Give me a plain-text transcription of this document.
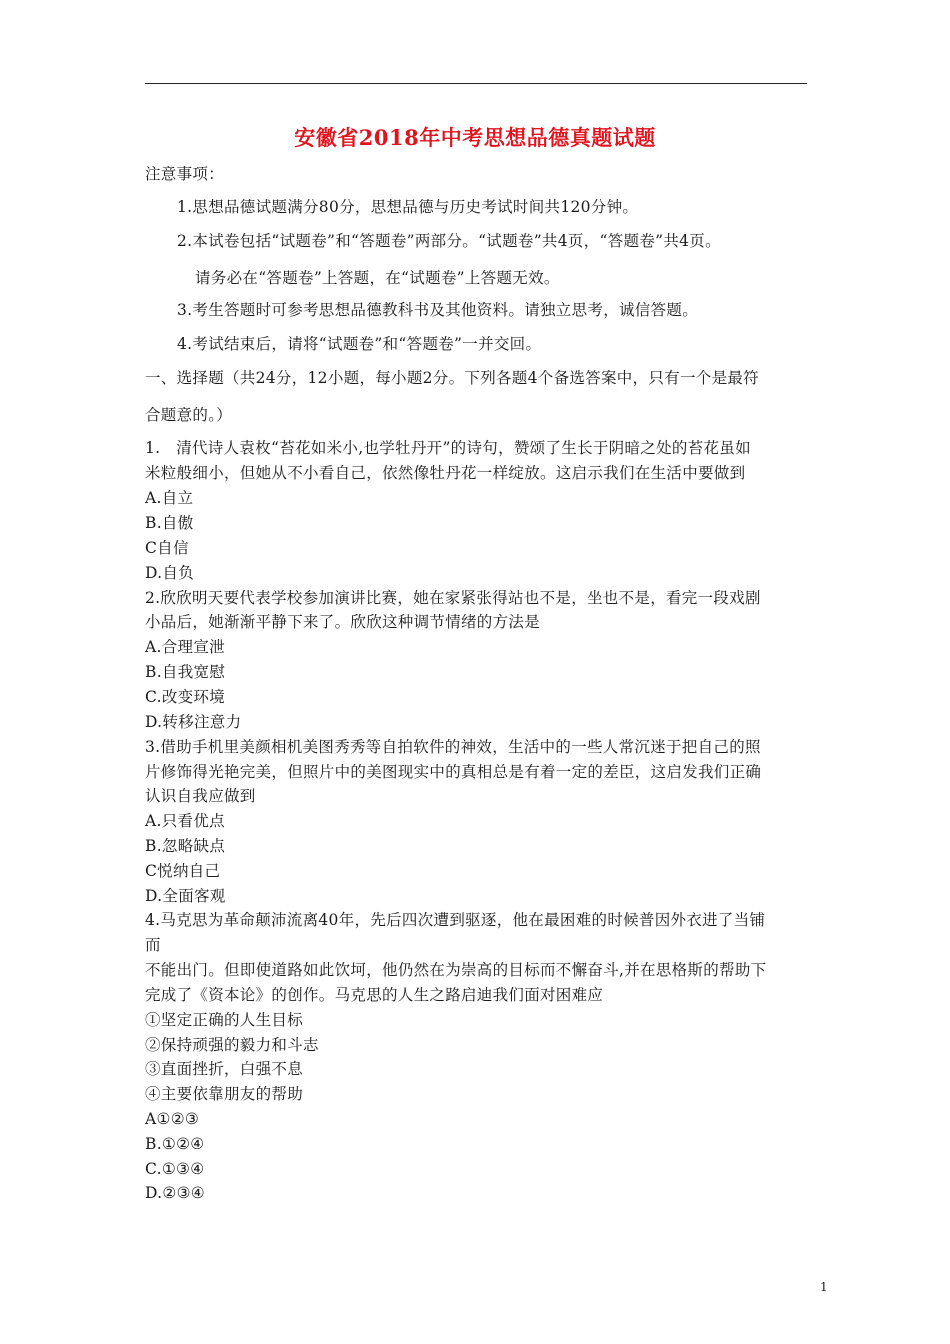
安徽省2018年中考思想品德真题试题
注意事项：
1.思想品德试题满分80分，思想品德与历史考试时间共120分钟。
2.本试卷包括“试题卷”和“答题卷”两部分。“试题卷”共4页，“答题卷”共4页。
请务必在“答题卷”上答题，在“试题卷”上答题无效。
3.考生答题时可参考思想品德教科书及其他资料。请独立思考，诚信答题。
4.考试结束后，请将“试题卷”和“答题卷”一并交回。
一、选择题（共24分，12小题，每小题2分。下列各题4个备选答案中，只有一个是最符
合题意的。）
1.　清代诗人袁枚“苔花如米小,也学牡丹开”的诗句，赞颂了生长于阴暗之处的苔花虽如
米粒般细小，但她从不小看自己，依然像牡丹花一样绽放。这启示我们在生活中要做到
A.自立
B.自傲
C自信
D.自负
2.欣欣明天要代表学校参加演讲比赛，她在家紧张得站也不是，坐也不是，看完一段戏剧
小品后，她渐渐平静下来了。欣欣这种调节情绪的方法是
A.合理宣泄
B.自我宽慰
C.改变环境
D.转移注意力
3.借助手机里美颜相机美图秀秀等自拍软件的神效，生活中的一些人常沉迷于把自己的照
片修饰得光艳完美，但照片中的美图现实中的真相总是有着一定的差臣，这启发我们正确
认识自我应做到
A.只看优点
B.忽略缺点
C悦纳自己
D.全面客观
4.马克思为革命颠沛流离40年，先后四次遭到驱逐，他在最困难的时候普因外衣进了当铺
而
不能出门。但即使道路如此饮坷，他仍然在为崇高的目标而不懈奋斗,并在思格斯的帮助下
完成了《资本论》的创作。马克思的人生之路启迪我们面对困难应
①坚定正确的人生目标
②保持顽强的毅力和斗志
③直面挫折，白强不息
④主要依靠朋友的帮助
A①②③
B.①②④
C.①③④
D.②③④
1
